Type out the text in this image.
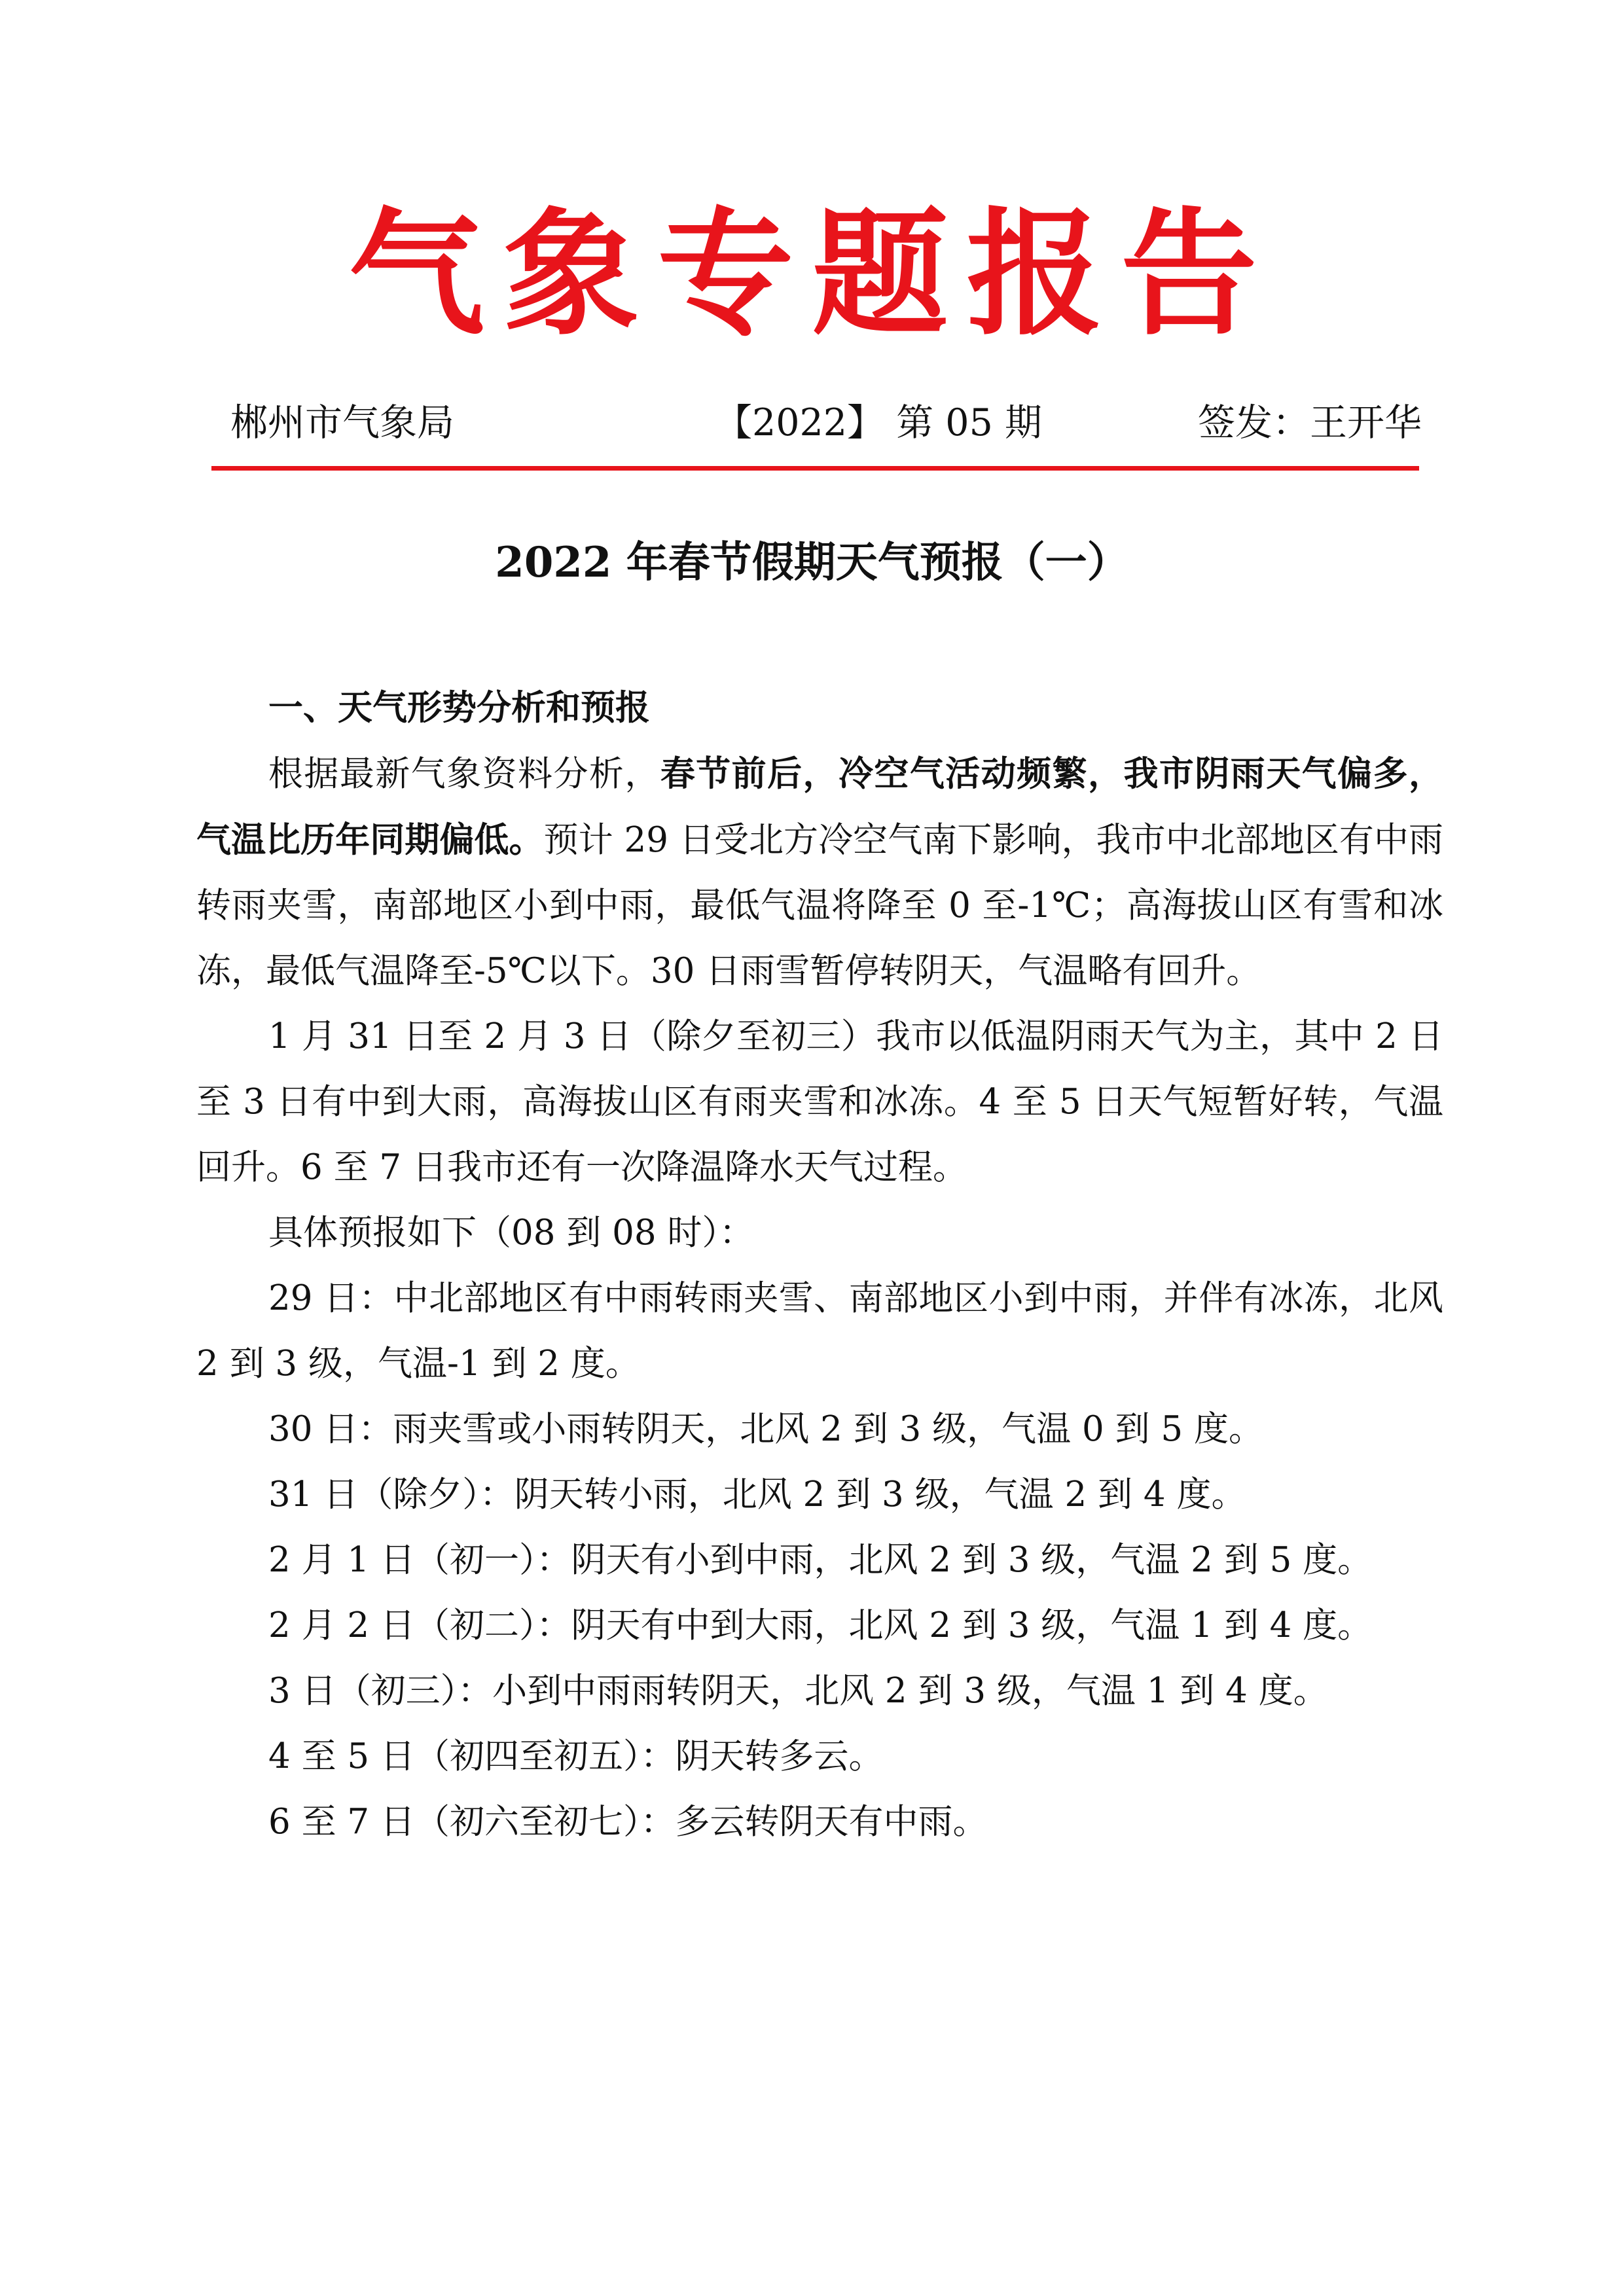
气象专题报告
郴州市气象局	【2022】 第 05 期	签发：王开华
2022 年春节假期天气预报（一）

一、天气形势分析和预报

根据最新气象资料分析，春节前后，冷空气活动频繁，我市阴雨天气偏多，气温比历年同期偏低。预计 29 日受北方冷空气南下影响，我市中北部地区有中雨转雨夹雪，南部地区小到中雨，最低气温将降至 0 至-1℃；高海拔山区有雪和冰冻，最低气温降至-5℃以下。30 日雨雪暂停转阴天，气温略有回升。

1 月 31 日至 2 月 3 日（除夕至初三）我市以低温阴雨天气为主，其中 2 日至 3 日有中到大雨，高海拔山区有雨夹雪和冰冻。4 至 5 日天气短暂好转，气温回升。6 至 7 日我市还有一次降温降水天气过程。

具体预报如下（08 到 08 时）：

29 日：中北部地区有中雨转雨夹雪、南部地区小到中雨，并伴有冰冻，北风 2 到 3 级，气温-1 到 2 度。

30 日：雨夹雪或小雨转阴天，北风 2 到 3 级，气温 0 到 5 度。

31 日（除夕）：阴天转小雨，北风 2 到 3 级，气温 2 到 4 度。

2 月 1 日（初一）：阴天有小到中雨，北风 2 到 3 级，气温 2 到 5 度。

2 月 2 日（初二）：阴天有中到大雨，北风 2 到 3 级，气温 1 到 4 度。

3 日（初三）：小到中雨雨转阴天，北风 2 到 3 级，气温 1 到 4 度。

4 至 5 日（初四至初五）：阴天转多云。

6 至 7 日（初六至初七）：多云转阴天有中雨。
